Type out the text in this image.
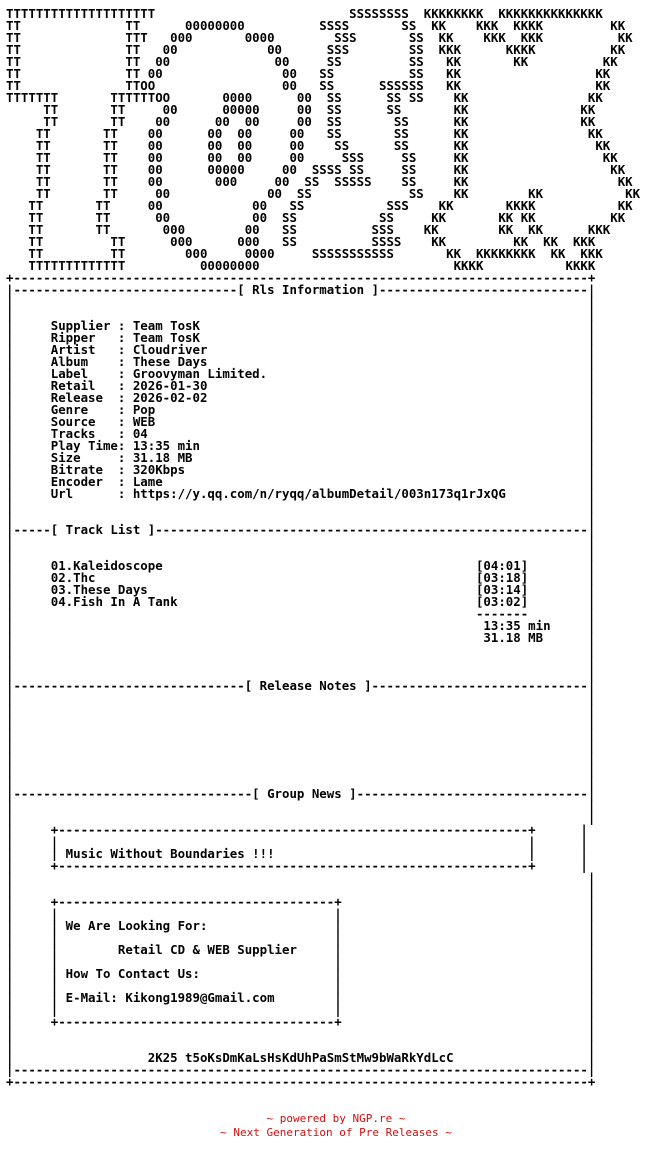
TTTTTTTTTTTTTTTTTTTT                          SSSSSSSS  KKKKKKKK  KKKKKKKKKKKKKK
TT              TT      00000000          SSSS       SS  KK    KKK  KKKK         KK
TT              TTT   000       0000        SSS       SS  KK    KKK  KKK          KK
TT              TT   00            00      SSS        SS  KKK      KKKK          KK
TT              TT  00              00     SS         SS   KK       KK          KK
TT              TT 00                00   SS          SS   KK                  KK
TT              TTOO                 00   SS      SSSSSS   KK                  KK
TTTTTTT       TTTTTTOO       0000      00  SS      SS SS    KK                KK
TT       TT     00      00000     00  SS      SS       KK               KK
TT       TT    00      00  00     00  SS       SS      KK               KK
TT       TT    00      00  00     00   SS       SS      KK                KK
TT       TT    00      00  00     00    SS      SS      KK                 KK
TT       TT    00      00  00     00     SSS     SS     KK                  KK
TT       TT    00      00000     00  SSSS SS     SS     KK                   KK
TT       TT    00       000     00  SS  SSSSS    SS     KK                    KK
TT       TT     00             00  SS             SS    KK        KK           KK
TT       TT     00            00   SS           SSS    KK       KKKK           KK
TT       TT      00           00  SS           SS     KK       KK KK          KK
TT       TT       000        00   SS          SSS    KK        KK  KK      KKK
TT         TT      000      000   SS          SSSS    KK         KK  KK  KKK
TT         TT        000     0000     SSSSSSSSSSS       KK  KKKKKKKK  KK  KKK
TTTTTTTTTTTTT          00000000                          KKKK           KKKK
+-----------------------------------------------------------------------------+
|------------------------------[ Rls Information ]----------------------------|
|                                                                             |
|                                                                             |
|     Supplier : Team TosK                                                    |
|     Ripper   : Team TosK                                                    |
|     Artist   : Cloudriver                                                   |
|     Album    : These Days                                                   |
|     Label    : Groovyman Limited.                                           |
|     Retail   : 2026-01-30                                                   |
|     Release  : 2026-02-02                                                   |
|     Genre    : Pop                                                          |
|     Source   : WEB                                                          |
|     Tracks   : 04                                                           |
|     Play Time: 13:35 min                                                    |
|     Size     : 31.18 MB                                                     |
|     Bitrate  : 320Kbps                                                      |
|     Encoder  : Lame                                                         |
|     Url      : https://y.qq.com/n/ryqq/albumDetail/003n173q1rJxQG           |
|                                                                             |
|                                                                             |
|-----[ Track List ]----------------------------------------------------------|
|                                                                             |
|                                                                             |
|     01.Kaleidoscope                                          [04:01]        |
|     02.Thc                                                   [03:18]        |
|     03.These Days                                            [03:14]        |
|     04.Fish In A Tank                                        [03:02]        |
|                                                              -------        |
|                                                               13:35 min     |
|                                                               31.18 MB      |
|                                                                             |
|                                                                             |
|                                                                             |
|-------------------------------[ Release Notes ]-----------------------------|
|                                                                             |
|                                                                             |
|                                                                             |
|                                                                             |
|                                                                             |
|                                                                             |
|                                                                             |
|                                                                             |
|--------------------------------[ Group News ]-------------------------------|
|                                                                             |
|                                                                             |
|     +---------------------------------------------------------------+      |
|     |                                                               |      |
|     | Music Without Boundaries !!!                                  |      |
|     +---------------------------------------------------------------+      |
|                                                                             |
|                                                                             |
|     +-------------------------------------+                                 |
|     |                                     |                                 |
|     | We Are Looking For:                 |                                 |
|     |                                     |                                 |
|     |        Retail CD & WEB Supplier     |                                 |
|     |                                     |                                 |
|     | How To Contact Us:                  |                                 |
|     |                                     |                                 |
|     | E-Mail: Kikong1989@Gmail.com        |                                 |
|     |                                     |                                 |
|     +-------------------------------------+                                 |
|                                                                             |
|                                                                             |
|                  2K25 t5oKsDmKaLsHsKdUhPaSmStMw9bWaRkYdLcC                  |
|-----------------------------------------------------------------------------|
+-----------------------------------------------------------------------------+
~ powered by NGP.re ~
~ Next Generation of Pre Releases ~
